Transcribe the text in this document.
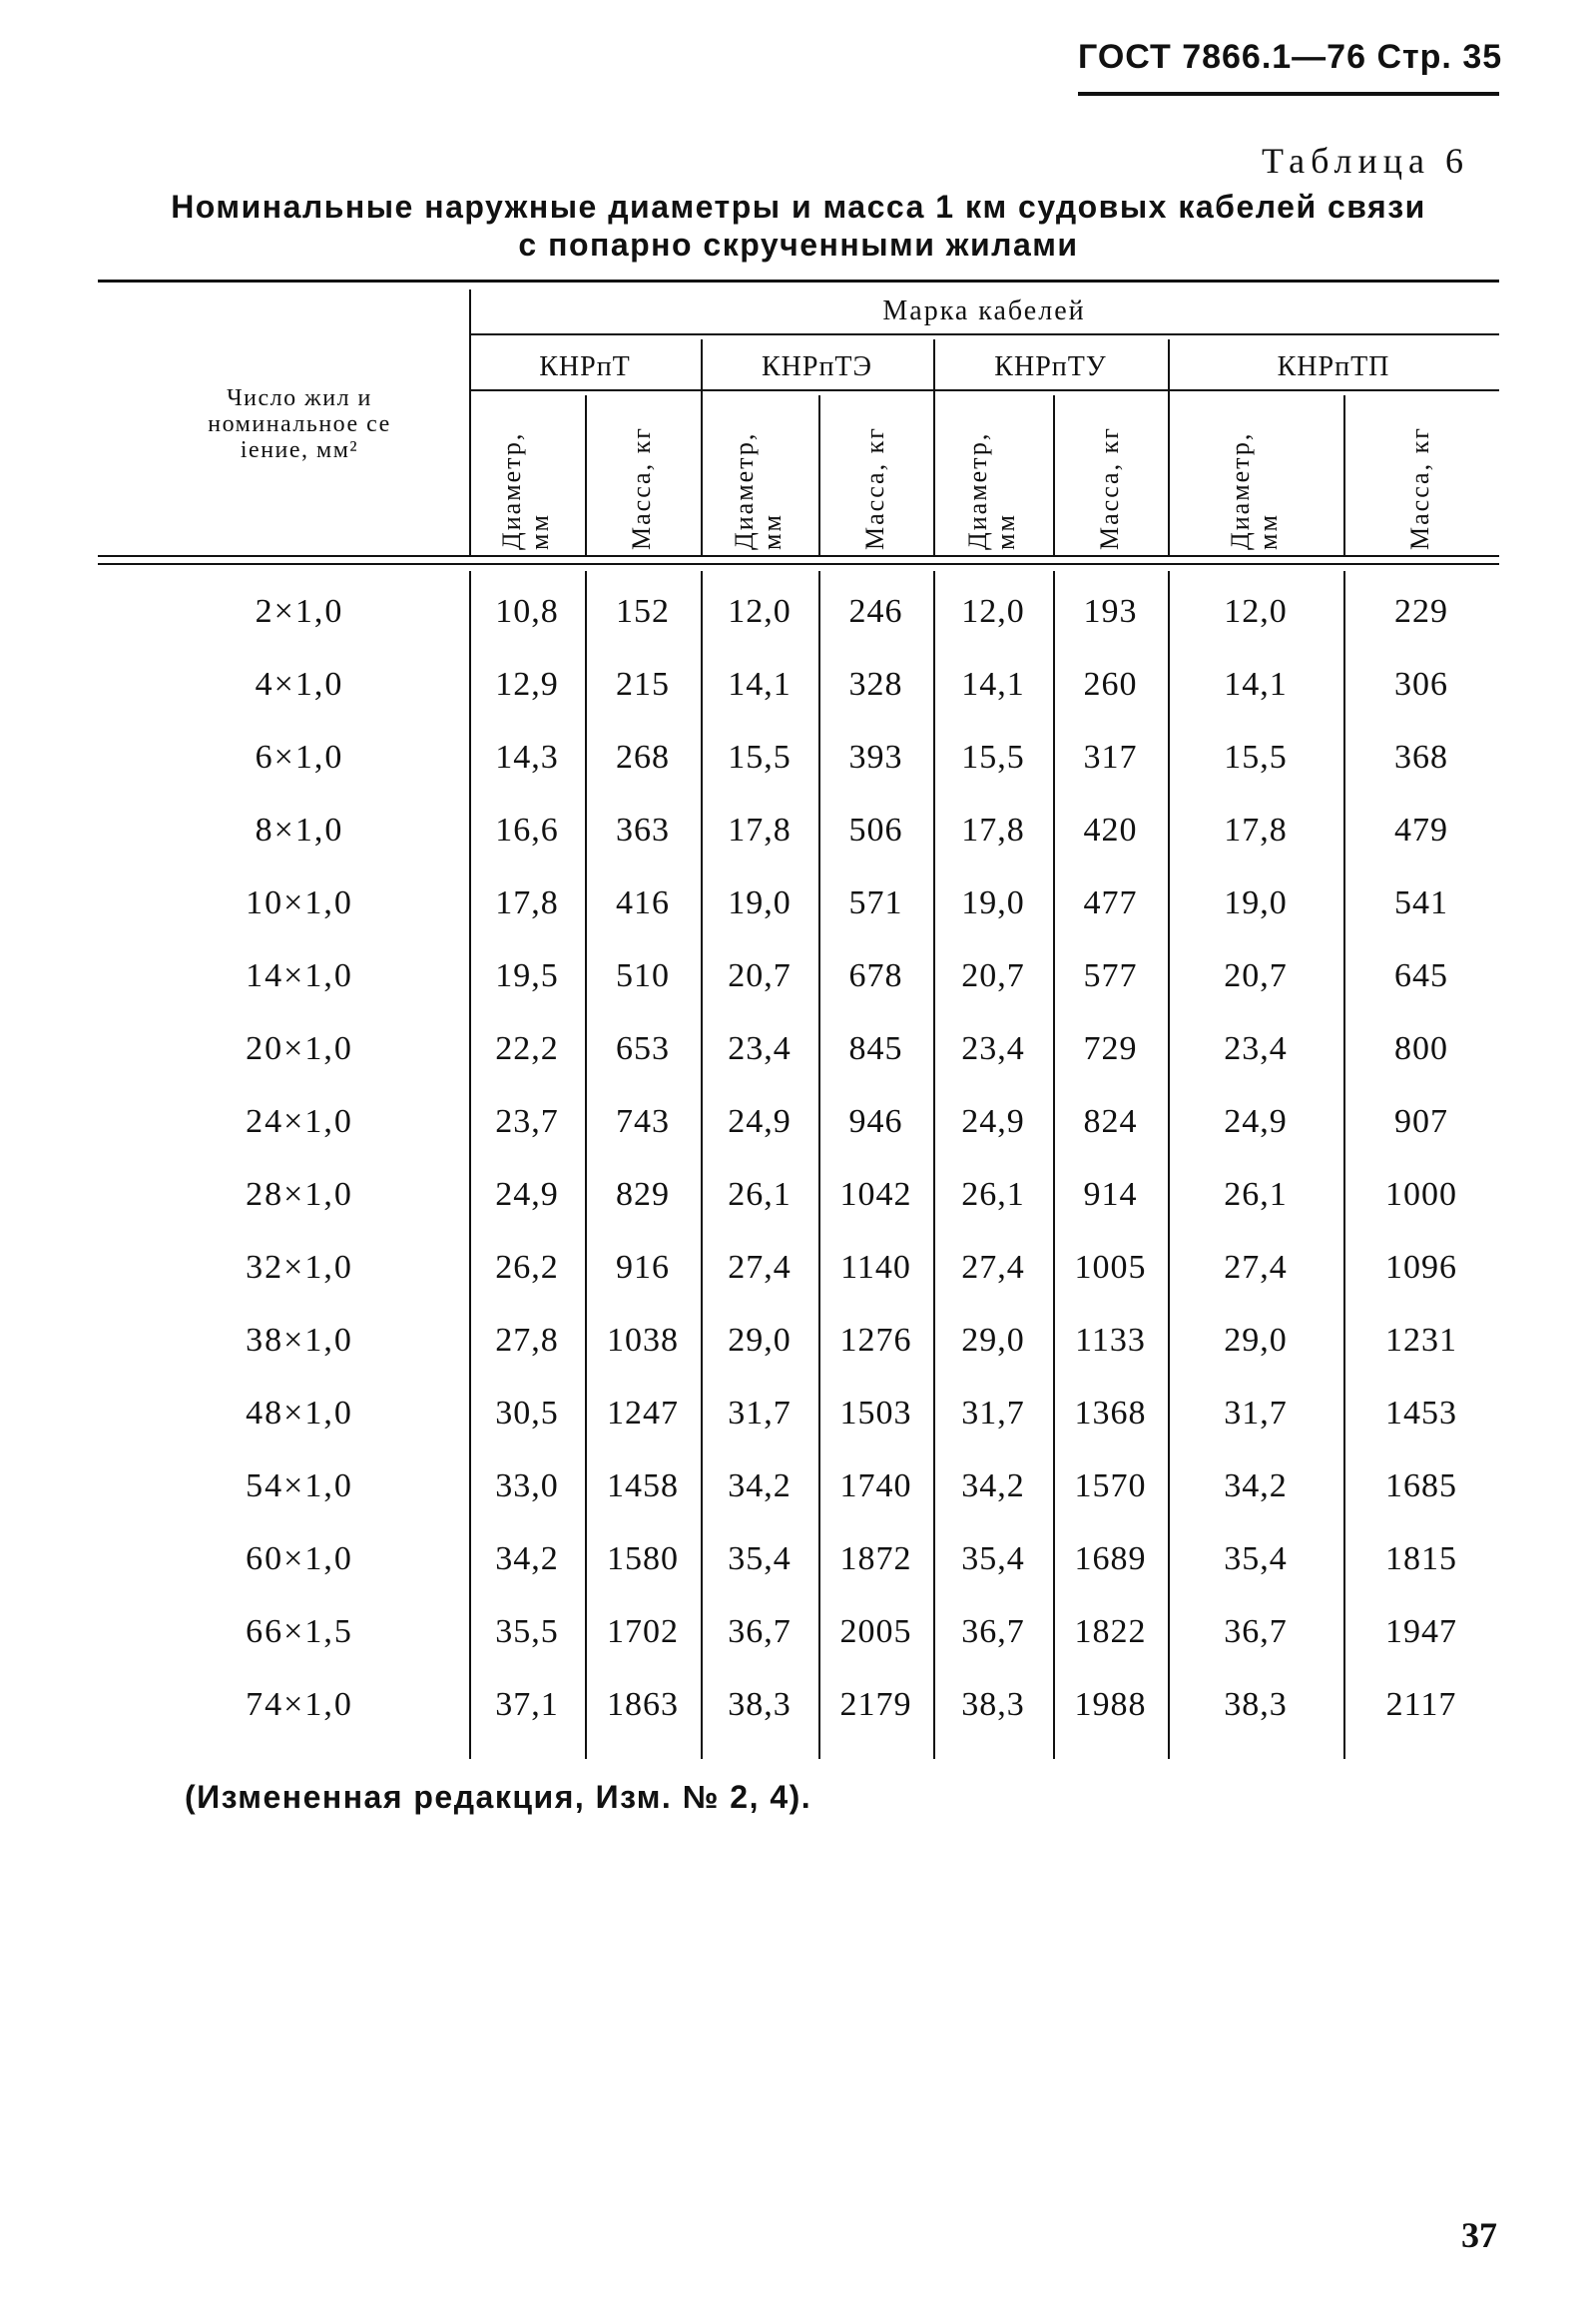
ГОСТ 7866.1—76 Стр. 35
Таблица 6
Номинальные наружные диаметры и масса 1 км судовых кабелей связи
с попарно скрученными жилами
Число жил и номинальное се іение, мм²
Марка кабелей
КНРпТ	КНРпТЭ	КНРпТУ	КНРпТП
Диаметр, мм	Масса, кг	Диаметр, мм	Масса, кг	Диаметр, мм	Масса, кг	Диаметр, мм	Масса, кг
2×1,0	10,8	152	12,0	246	12,0	193	12,0	229
4×1,0	12,9	215	14,1	328	14,1	260	14,1	306
6×1,0	14,3	268	15,5	393	15,5	317	15,5	368
8×1,0	16,6	363	17,8	506	17,8	420	17,8	479
10×1,0	17,8	416	19,0	571	19,0	477	19,0	541
14×1,0	19,5	510	20,7	678	20,7	577	20,7	645
20×1,0	22,2	653	23,4	845	23,4	729	23,4	800
24×1,0	23,7	743	24,9	946	24,9	824	24,9	907
28×1,0	24,9	829	26,1	1042	26,1	914	26,1	1000
32×1,0	26,2	916	27,4	1140	27,4	1005	27,4	1096
38×1,0	27,8	1038	29,0	1276	29,0	1133	29,0	1231
48×1,0	30,5	1247	31,7	1503	31,7	1368	31,7	1453
54×1,0	33,0	1458	34,2	1740	34,2	1570	34,2	1685
60×1,0	34,2	1580	35,4	1872	35,4	1689	35,4	1815
66×1,5	35,5	1702	36,7	2005	36,7	1822	36,7	1947
74×1,0	37,1	1863	38,3	2179	38,3	1988	38,3	2117
(Измененная редакция, Изм. № 2, 4).
37
